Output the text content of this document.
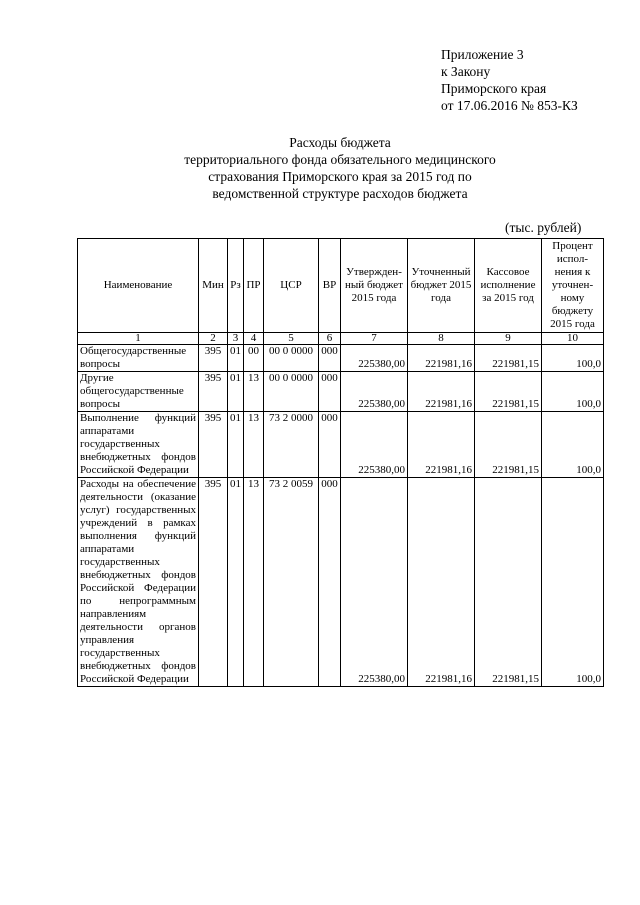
Приложение 3
к Закону
Приморского края
от 17.06.2016 № 853-КЗ
Расходы бюджета
территориального фонда обязательного медицинского
страхования Приморского края за 2015 год по
ведомственной структуре расходов бюджета
(тыс. рублей)
Наименование	Мин	Рз	ПР	ЦСР	ВР	Утвержден-ный бюджет 2015 года	Уточненный бюджет 2015 года	Кассовое исполнение за 2015 год	Процент испол-нения к уточнен-ному бюджету 2015 года
1	2	3	4	5	6	7	8	9	10
Общегосударственные вопросы	395	01	00	00 0 0000	000	225380,00	221981,16	221981,15	100,0
Другие общегосударственные вопросы	395	01	13	00 0 0000	000	225380,00	221981,16	221981,15	100,0
Выполнение функций аппаратами государственных внебюджетных фондов Российской Федерации	395	01	13	73 2 0000	000	225380,00	221981,16	221981,15	100,0
Расходы на обеспечение деятельности (оказание услуг) государственных учреждений в рамках выполнения функций аппаратами государственных внебюджетных фондов Российской Федерации по непрограммным направлениям деятельности органов управления государственных внебюджетных фондов Российской Федерации	395	01	13	73 2 0059	000	225380,00	221981,16	221981,15	100,0
